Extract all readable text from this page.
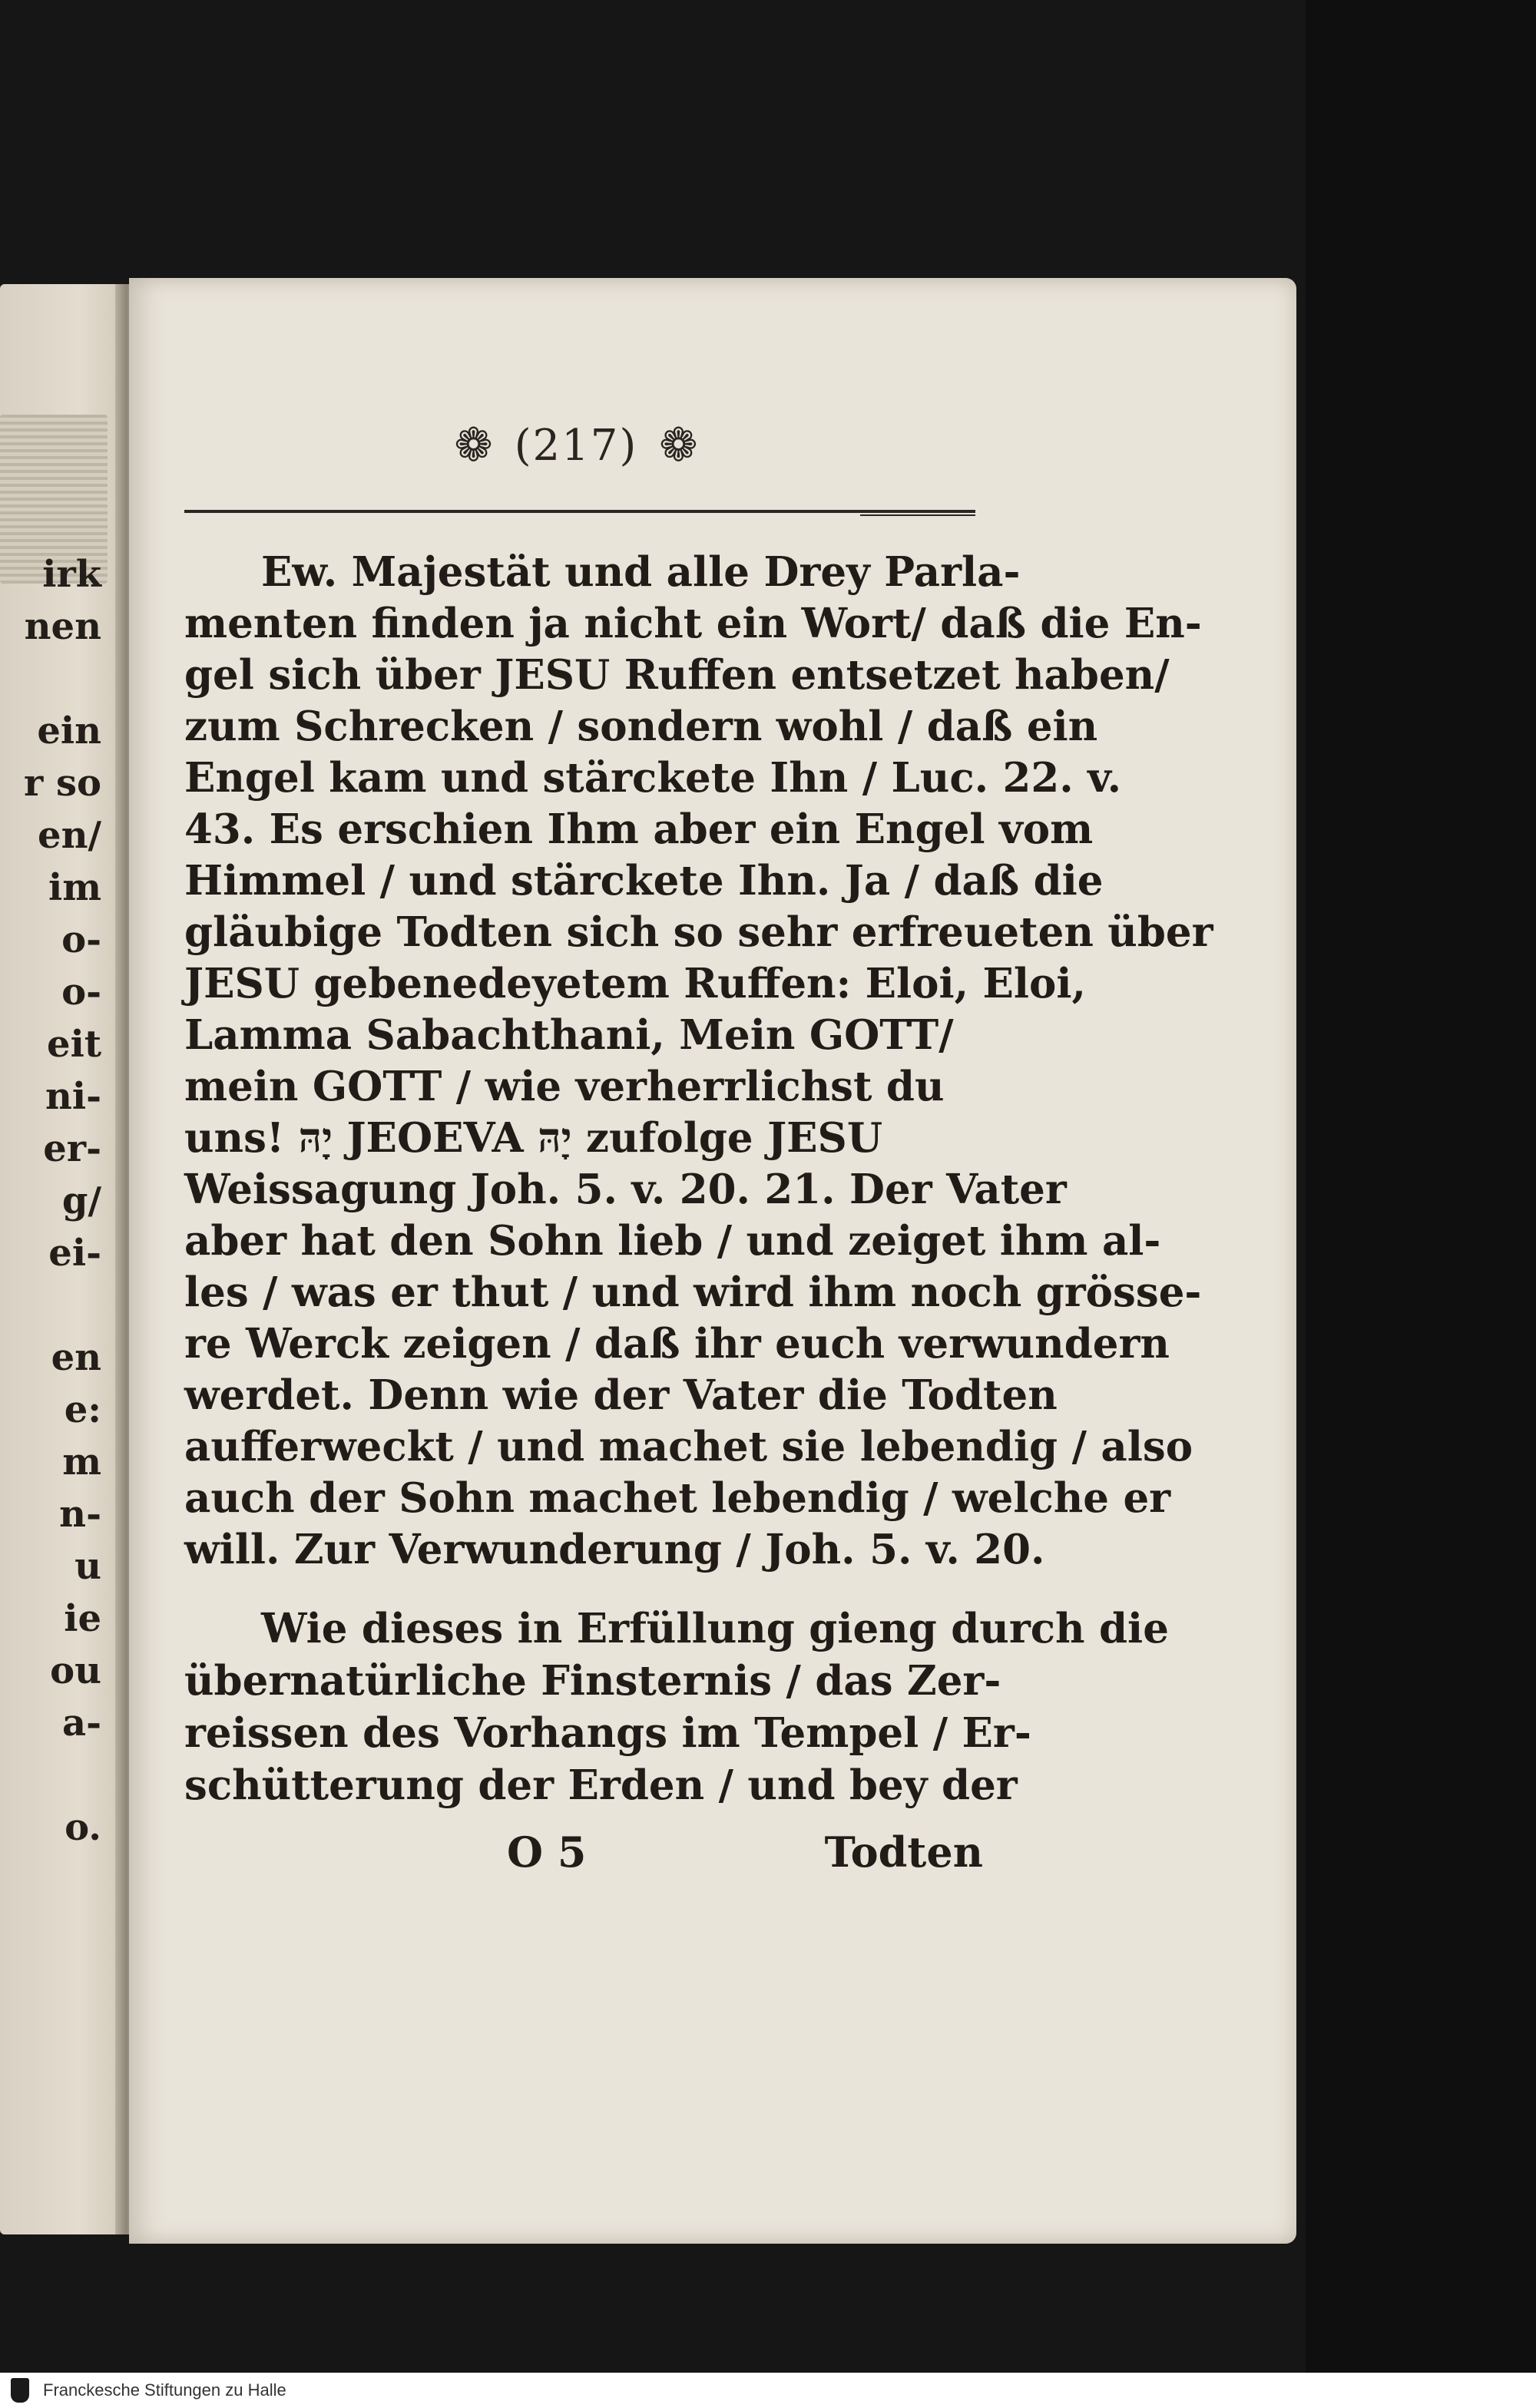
irk
nen
ein
r so
en/
im
o-
o-
eit
ni-
er-
g/
ei-
en
e:
m
n-
u
ie
ou
a-
o.
❁ (217) ❁
Ew. Majestät und alle Drey Parla-
menten finden ja nicht ein Wort/ daß die En-
gel sich über JESU Ruffen entsetzet haben/
zum Schrecken / sondern wohl / daß ein
Engel kam und stärckete Ihn / Luc. 22. v.
43. Es erschien Ihm aber ein Engel vom
Himmel / und stärckete Ihn. Ja / daß die
gläubige Todten sich so sehr erfreueten über
JESU gebenedeyetem Ruffen: Eloi, Eloi,
Lamma Sabachthani, Mein GOTT/
mein GOTT / wie verherrlichst du
uns! יָהּ JEOEVA יָהּ zufolge JESU
Weissagung Joh. 5. v. 20. 21. Der Vater
aber hat den Sohn lieb / und zeiget ihm al-
les / was er thut / und wird ihm noch grösse-
re Werck zeigen / daß ihr euch verwundern
werdet. Denn wie der Vater die Todten
aufferweckt / und machet sie lebendig / also
auch der Sohn machet lebendig / welche er
will. Zur Verwunderung / Joh. 5. v. 20.
Wie dieses in Erfüllung gieng durch die
übernatürliche Finsternis / das Zer-
reissen des Vorhangs im Tempel / Er-
schütterung der Erden / und bey der
O 5	Todten
Franckesche Stiftungen zu Halle
